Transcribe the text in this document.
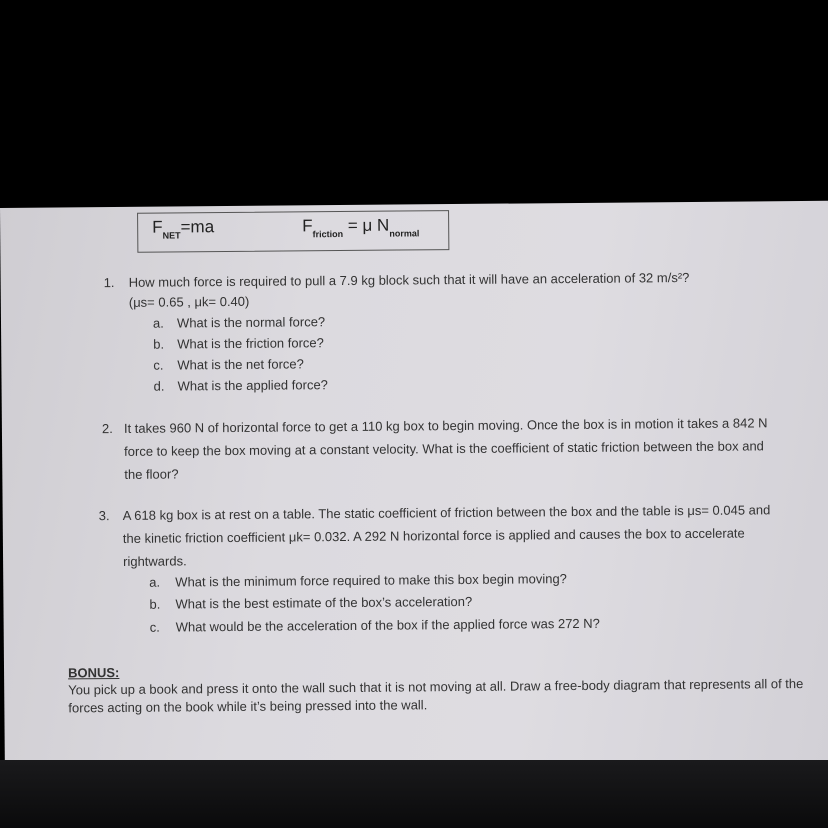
$F_{NET}=ma$	$F_{friction} = \mu$ $N_{normal}$
1. How much force is required to pull a 7.9 kg block such that it will have an acceleration of 32 m/s²?
(μs= 0.65 , μk= 0.40)
a. What is the normal force?
b. What is the friction force?
c. What is the net force?
d. What is the applied force?
2. It takes 960 N of horizontal force to get a 110 kg box to begin moving. Once the box is in motion it takes a 842 N
force to keep the box moving at a constant velocity. What is the coefficient of static friction between the box and
the floor?
3. A 618 kg box is at rest on a table. The static coefficient of friction between the box and the table is μs= 0.045 and
the kinetic friction coefficient μk= 0.032. A 292 N horizontal force is applied and causes the box to accelerate
rightwards.
a. What is the minimum force required to make this box begin moving?
b. What is the best estimate of the box’s acceleration?
c. What would be the acceleration of the box if the applied force was 272 N?
BONUS:
You pick up a book and press it onto the wall such that it is not moving at all. Draw a free-body diagram that represents all of the
forces acting on the book while it’s being pressed into the wall.
